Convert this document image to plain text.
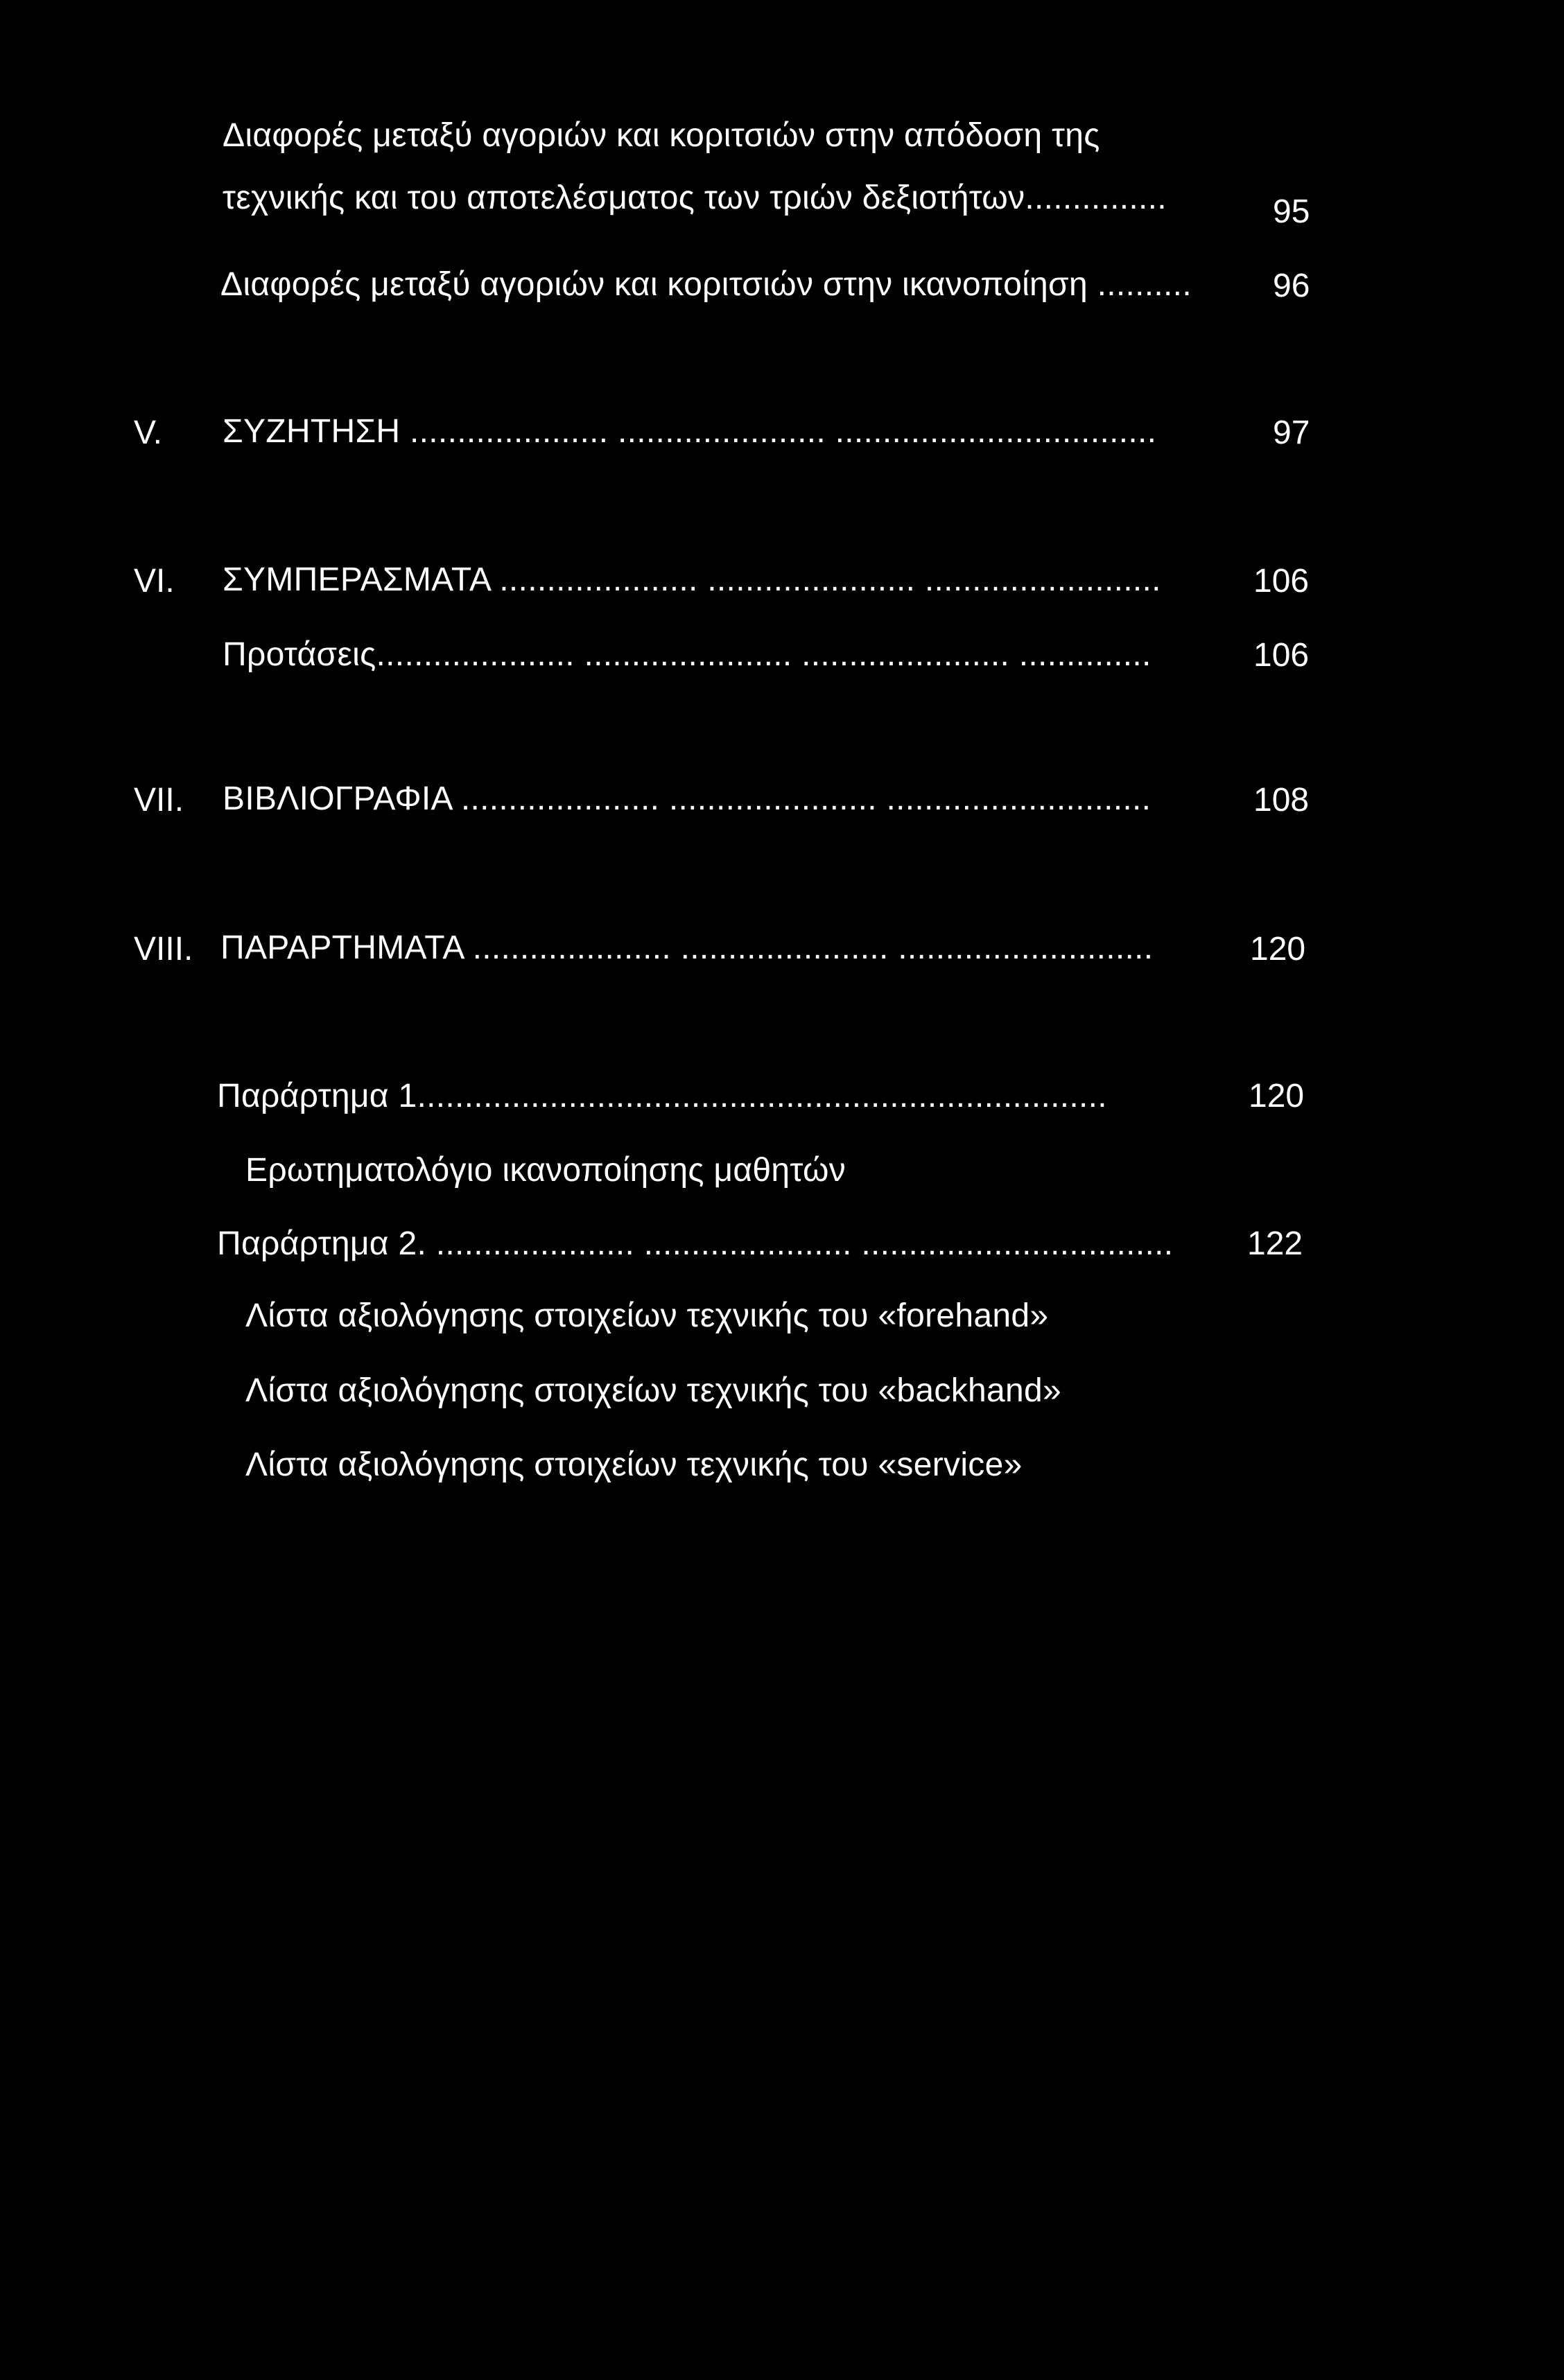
Διαφορές μεταξύ αγοριών και κοριτσιών στην απόδοση της
τεχνικής και του αποτελέσματος των τριών δεξιοτήτων...............	95
Διαφορές μεταξύ αγοριών και κοριτσιών στην ικανοποίηση .......... 96
V. ΣΥΖΗΤΗΣΗ ..................... ...................... ..................................	97
VI. ΣΥΜΠΕΡΑΣΜΑΤΑ ..................... ...................... .........................	106
Προτάσεις..................... ...................... ...................... ..............	106
VII. ΒΙΒΛΙΟΓΡΑΦΙΑ ..................... ...................... ............................	108
VIII. ΠΑΡΑΡΤΗΜΑΤΑ ..................... ...................... ...........................	120
Παράρτημα 1.........................................................................	120
Ερωτηματολόγιο ικανοποίησης μαθητών
Παράρτημα 2. ..................... ...................... ................................. 122
Λίστα αξιολόγησης στοιχείων τεχνικής του «forehand»
Λίστα αξιολόγησης στοιχείων τεχνικής του «backhand»
Λίστα αξιολόγησης στοιχείων τεχνικής του «service»
